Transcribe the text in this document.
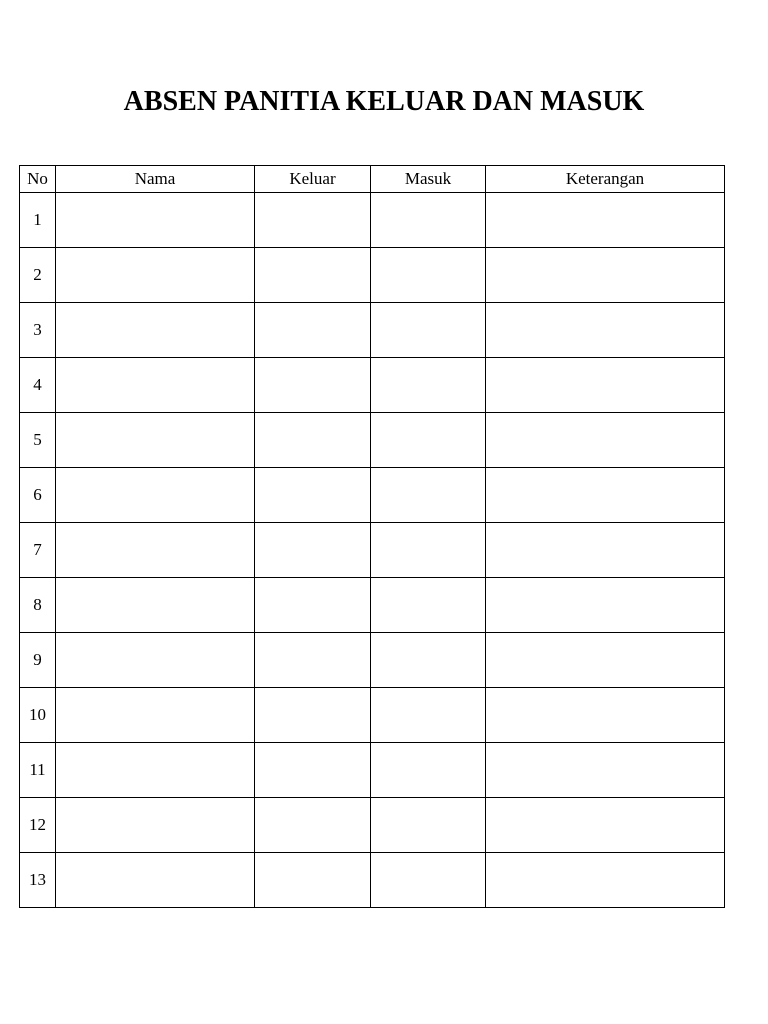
ABSEN PANITIA KELUAR DAN MASUK
No	Nama	Keluar	Masuk	Keterangan
1				
2				
3				
4				
5				
6				
7				
8				
9				
10				
11				
12				
13				
